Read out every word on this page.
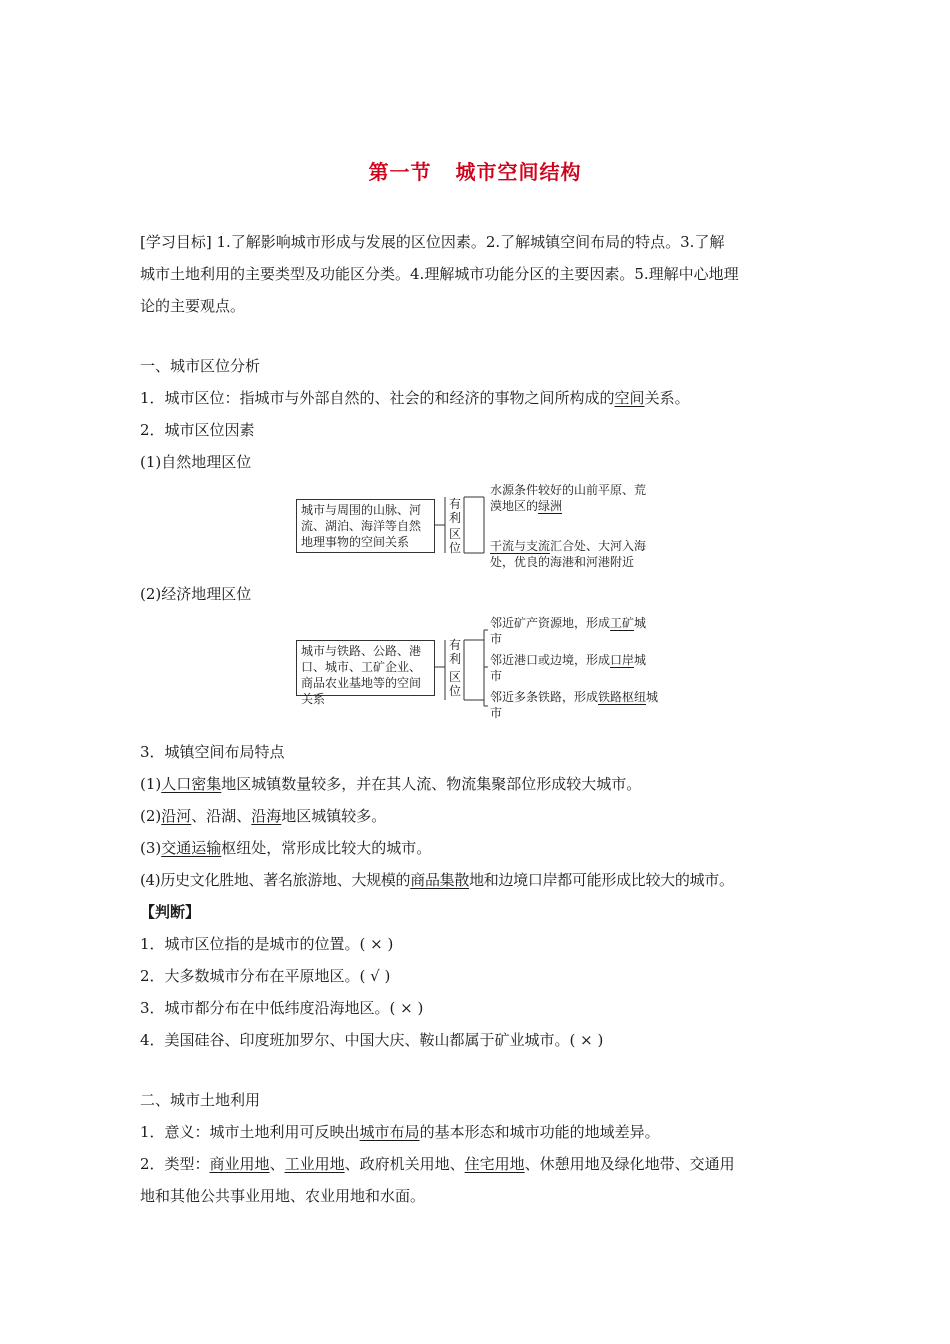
第一节 城市空间结构
[学习目标] 1.了解影响城市形成与发展的区位因素。2.了解城镇空间布局的特点。3.了解
城市土地利用的主要类型及功能区分类。4.理解城市功能分区的主要因素。5.理解中心地理
论的主要观点。
一、城市区位分析
1．城市区位：指城市与外部自然的、社会的和经济的事物之间所构成的空间关系。
2．城市区位因素
(1)自然地理区位
城市与周围的山脉、河流、湖泊、海洋等自然地理事物的空间关系
有利
区位
水源条件较好的山前平原、荒漠地区的绿洲
干流与支流汇合处、大河入海处，优良的海港和河港附近
(2)经济地理区位
城市与铁路、公路、港口、城市、工矿企业、商品农业基地等的空间关系
有利
区位
邻近矿产资源地，形成工矿城市
邻近港口或边境，形成口岸城市
邻近多条铁路，形成铁路枢纽城市
3．城镇空间布局特点
(1)人口密集地区城镇数量较多，并在其人流、物流集聚部位形成较大城市。
(2)沿河、沿湖、沿海地区城镇较多。
(3)交通运输枢纽处，常形成比较大的城市。
(4)历史文化胜地、著名旅游地、大规模的商品集散地和边境口岸都可能形成比较大的城市。
【判断】
1．城市区位指的是城市的位置。( × )
2．大多数城市分布在平原地区。( √ )
3．城市都分布在中低纬度沿海地区。( × )
4．美国硅谷、印度班加罗尔、中国大庆、鞍山都属于矿业城市。( × )
二、城市土地利用
1．意义：城市土地利用可反映出城市布局的基本形态和城市功能的地域差异。
2．类型：商业用地、工业用地、政府机关用地、住宅用地、休憩用地及绿化地带、交通用
地和其他公共事业用地、农业用地和水面。
